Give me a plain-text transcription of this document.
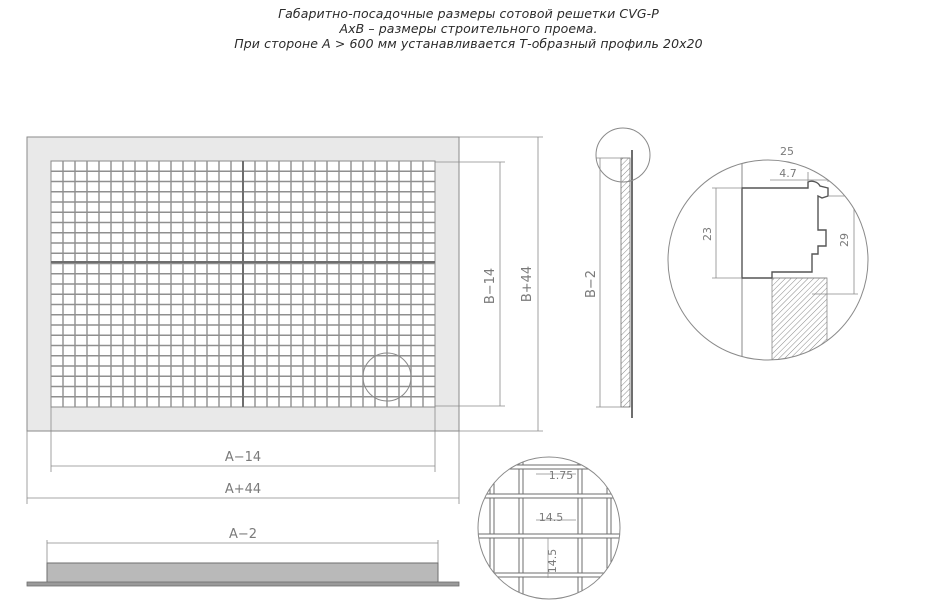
Габаритно-посадочные размеры сотовой решетки CVG-P
АхВ – размеры строительного проема.
При стороне А > 600 мм устанавливается Т-образный профиль 20х20
B−14 B+44
A−14
A+44
A−2
B−2
25
4.7
23	29
1.75
14.5
14.5
